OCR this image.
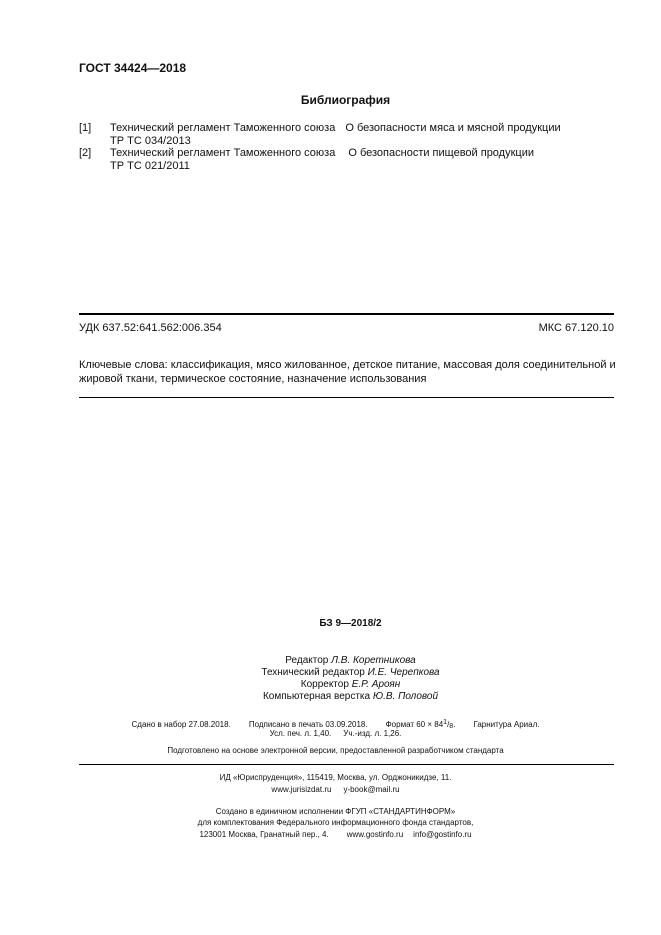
ГОСТ 34424—2018
Библиография
[1] Технический регламент Таможенного союза О безопасности мяса и мясной продукции
ТР ТС 034/2013
[2] Технический регламент Таможенного союза О безопасности пищевой продукции
ТР ТС 021/2011
УДК 637.52:641.562:006.354	МКС 67.120.10
Ключевые слова: классификация, мясо жилованное, детское питание, массовая доля соединительной и жировой ткани, термическое состояние, назначение использования
БЗ 9—2018/2
Редактор Л.В. Коретникова
Технический редактор И.Е. Черепкова
Корректор Е.Р. Ароян
Компьютерная верстка Ю.В. Половой
Сдано в набор 27.08.2018. Подписано в печать 03.09.2018. Формат $60 \times 84^1/_8$. Гарнитура Ариал.
Усл. печ. л. 1,40. Уч.-изд. л. 1,26.
Подготовлено на основе электронной версии, предоставленной разработчиком стандарта
ИД «Юриспруденция», 115419, Москва, ул. Орджоникидзе, 11.
www.jurisizdat.ru y-book@mail.ru
Создано в единичном исполнении ФГУП «СТАНДАРТИНФОРМ»
для комплектования Федерального информационного фонда стандартов,
123001 Москва, Гранатный пер., 4. www.gostinfo.ru info@gostinfo.ru
